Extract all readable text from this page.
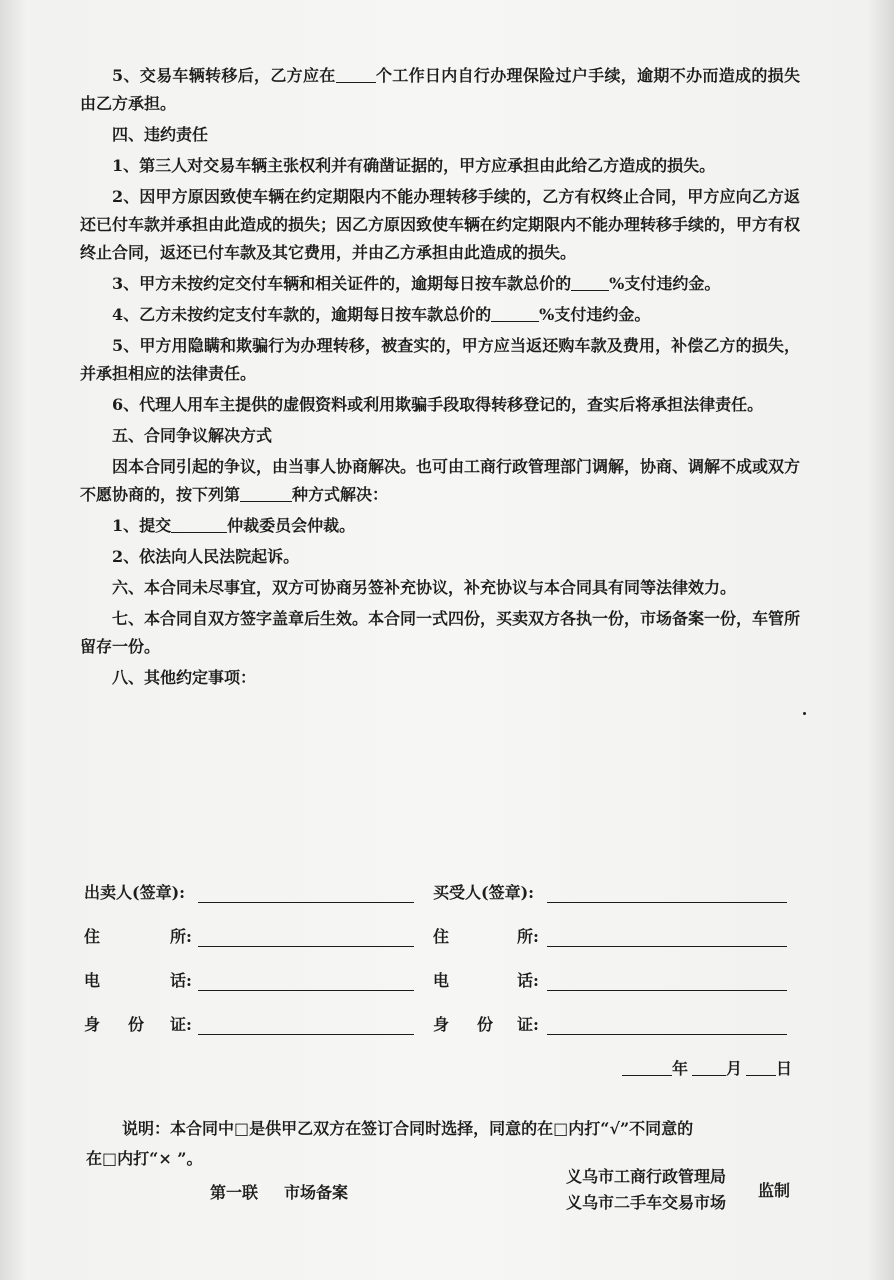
5、交易车辆转移后，乙方应在	个工作日内自行办理保险过户手续，逾期不办而造成的损失由乙方承担。

四、违约责任

1、第三人对交易车辆主张权利并有确凿证据的，甲方应承担由此给乙方造成的损失。

2、因甲方原因致使车辆在约定期限内不能办理转移手续的，乙方有权终止合同，甲方应向乙方返还已付车款并承担由此造成的损失；因乙方原因致使车辆在约定期限内不能办理转移手续的，甲方有权终止合同，返还已付车款及其它费用，并由乙方承担由此造成的损失。

3、甲方未按约定交付车辆和相关证件的，逾期每日按车款总价的 %支付违约金。

4、乙方未按约定支付车款的，逾期每日按车款总价的	%支付违约金。

5、甲方用隐瞒和欺骗行为办理转移，被查实的，甲方应当返还购车款及费用，补偿乙方的损失，并承担相应的法律责任。

6、代理人用车主提供的虚假资料或利用欺骗手段取得转移登记的，查实后将承担法律责任。

五、合同争议解决方式

因本合同引起的争议，由当事人协商解决。也可由工商行政管理部门调解，协商、调解不成或双方不愿协商的，按下列第	种方式解决：

1、提交	仲裁委员会仲裁。

2、依法向人民法院起诉。

六、本合同未尽事宜，双方可协商另签补充协议，补充协议与本合同具有同等法律效力。

七、本合同自双方签字盖章后生效。本合同一式四份，买卖双方各执一份，市场备案一份，车管所留存一份。

八、其他约定事项：

出卖人(签章):
住	所:
电	话:
身 份 证:
买受人(签章):
住	所:
电	话:
身 份 证:
年 月 日

说明：本合同中□是供甲乙双方在签订合同时选择，同意的在□内打“√”不同意的

在□内打“× ”。

第一联 市场备案
义乌市工商行政管理局
义乌市二手车交易市场
监制
